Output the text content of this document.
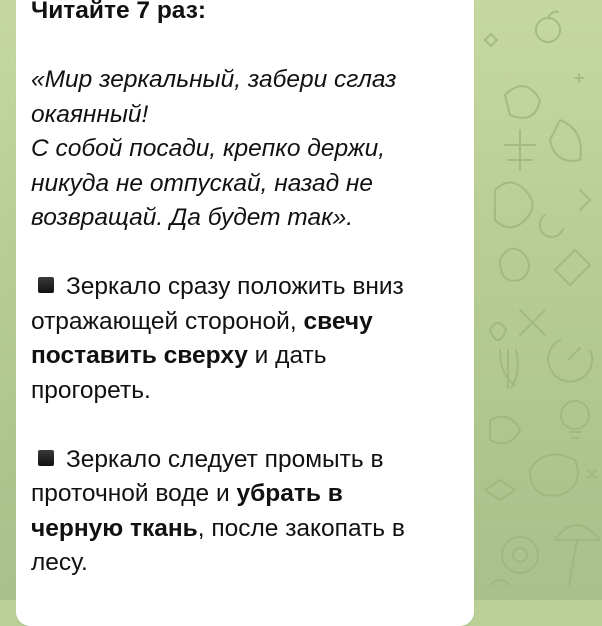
Читайте 7 раз:
«Мир зеркальный, забери сглаз
окаянный!
С собой посади, крепко держи,
никуда не отпускай, назад не
возвращай. Да будет так».
Зеркало сразу положить вниз
отражающей стороной, свечу
поставить сверху и дать
прогореть.
Зеркало следует промыть в
проточной воде и убрать в
черную ткань, после закопать в
лесу.
